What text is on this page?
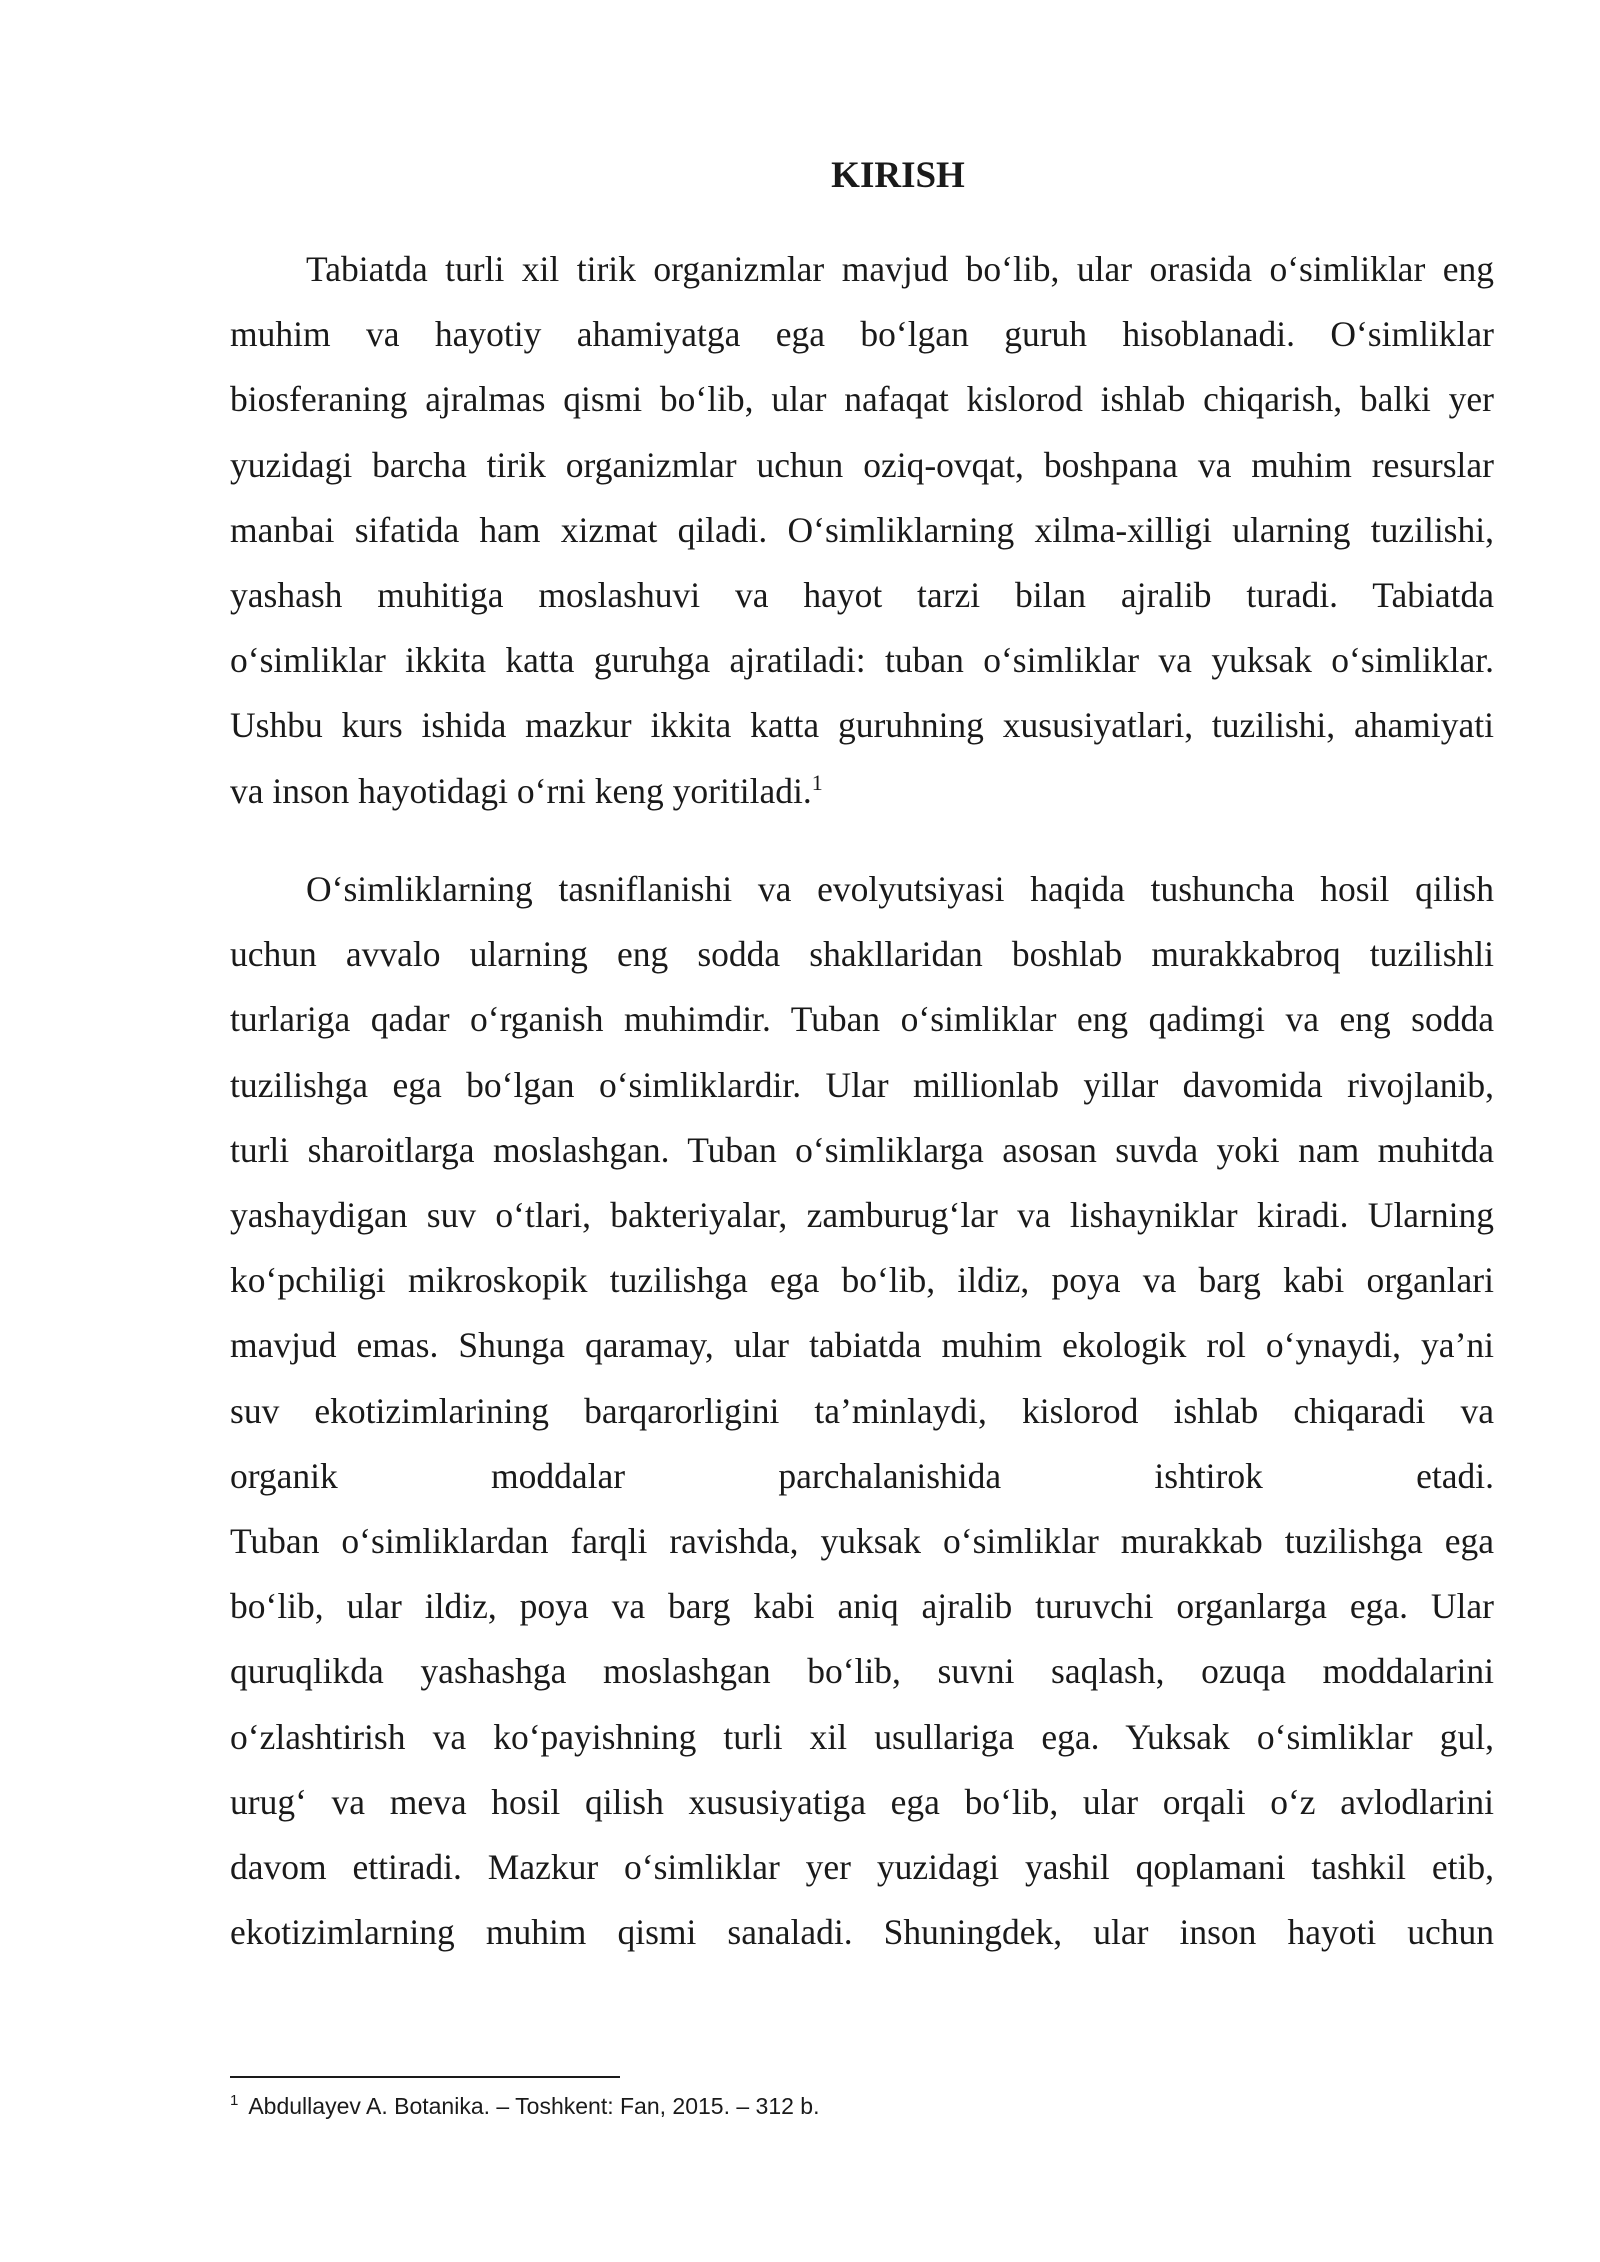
KIRISH

Tabiatda turli xil tirik organizmlar mavjud bo‘lib, ular orasida o‘simliklar eng
muhim va hayotiy ahamiyatga ega bo‘lgan guruh hisoblanadi. O‘simliklar
biosferaning ajralmas qismi bo‘lib, ular nafaqat kislorod ishlab chiqarish, balki yer
yuzidagi barcha tirik organizmlar uchun oziq-ovqat, boshpana va muhim resurslar
manbai sifatida ham xizmat qiladi. O‘simliklarning xilma-xilligi ularning tuzilishi,
yashash muhitiga moslashuvi va hayot tarzi bilan ajralib turadi. Tabiatda
o‘simliklar ikkita katta guruhga ajratiladi: tuban o‘simliklar va yuksak o‘simliklar.
Ushbu kurs ishida mazkur ikkita katta guruhning xususiyatlari, tuzilishi, ahamiyati
va inson hayotidagi o‘rni keng yoritiladi.$^1$

O‘simliklarning tasniflanishi va evolyutsiyasi haqida tushuncha hosil qilish
uchun avvalo ularning eng sodda shakllaridan boshlab murakkabroq tuzilishli
turlariga qadar o‘rganish muhimdir. Tuban o‘simliklar eng qadimgi va eng sodda
tuzilishga ega bo‘lgan o‘simliklardir. Ular millionlab yillar davomida rivojlanib,
turli sharoitlarga moslashgan. Tuban o‘simliklarga asosan suvda yoki nam muhitda
yashaydigan suv o‘tlari, bakteriyalar, zamburug‘lar va lishayniklar kiradi. Ularning
ko‘pchiligi mikroskopik tuzilishga ega bo‘lib, ildiz, poya va barg kabi organlari
mavjud emas. Shunga qaramay, ular tabiatda muhim ekologik rol o‘ynaydi, ya’ni
suv ekotizimlarining barqarorligini ta’minlaydi, kislorod ishlab chiqaradi va
organik moddalar parchalanishida ishtirok etadi.
Tuban o‘simliklardan farqli ravishda, yuksak o‘simliklar murakkab tuzilishga ega
bo‘lib, ular ildiz, poya va barg kabi aniq ajralib turuvchi organlarga ega. Ular
quruqlikda yashashga moslashgan bo‘lib, suvni saqlash, ozuqa moddalarini
o‘zlashtirish va ko‘payishning turli xil usullariga ega. Yuksak o‘simliklar gul,
urug‘ va meva hosil qilish xususiyatiga ega bo‘lib, ular orqali o‘z avlodlarini
davom ettiradi. Mazkur o‘simliklar yer yuzidagi yashil qoplamani tashkil etib,
ekotizimlarning muhim qismi sanaladi. Shuningdek, ular inson hayoti uchun

$^1$ Abdullayev A. Botanika. – Toshkent: Fan, 2015. – 312 b.
